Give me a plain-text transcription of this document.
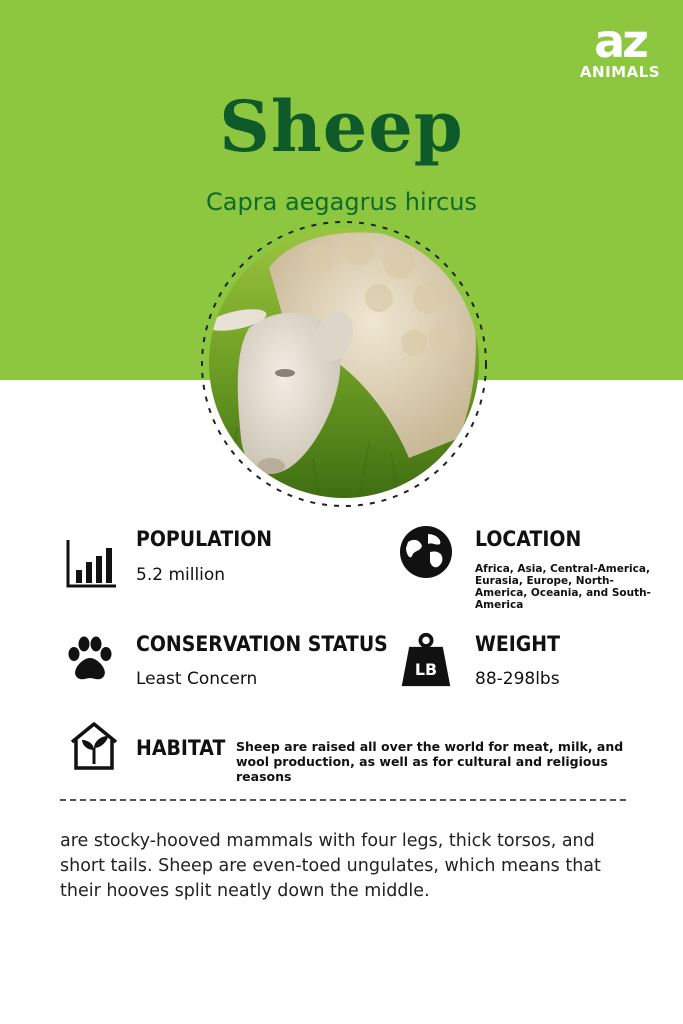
az
ANIMALS
Sheep
Capra aegagrus hircus
POPULATION
5.2 million
LOCATION
Africa, Asia, Central-America, Eurasia, Europe, North-America, Oceania, and South-America
CONSERVATION STATUS
Least Concern	LB
WEIGHT
88-298lbs
HABITAT Sheep are raised all over the world for meat, milk, and wool production, as well as for cultural and religious reasons
are stocky-hooved mammals with four legs, thick torsos, and short tails. Sheep are even-toed ungulates, which means that their hooves split neatly down the middle.
